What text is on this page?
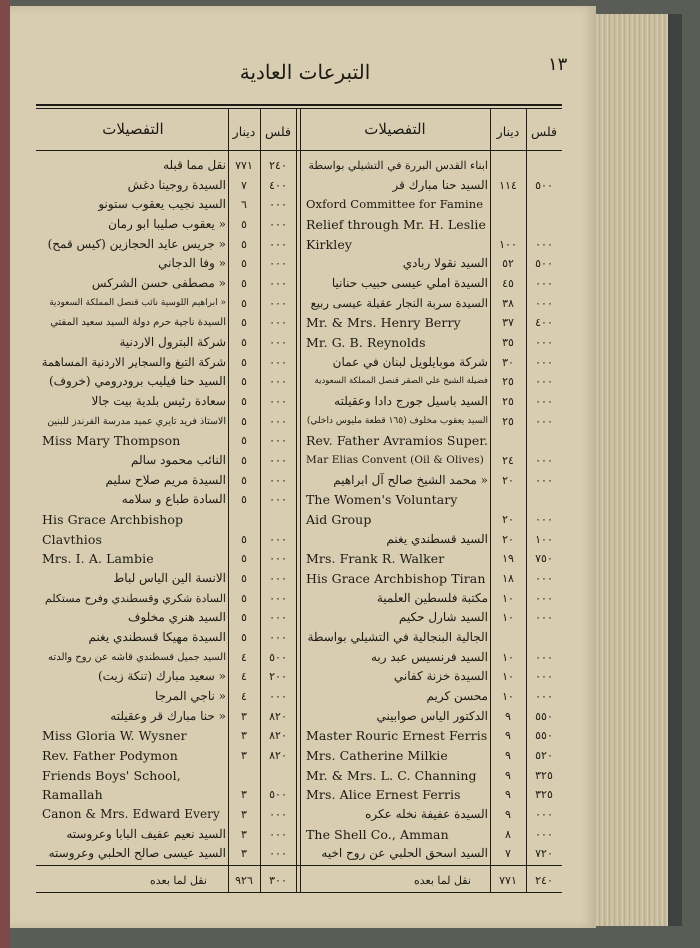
١٣
التبرعات العادية
التفصيلات	دينار فلس	التفصيلات	دينار فلس
نقل مما قبله ٧٧١	٢٤٠
السيدة روجينا دغش	٧	٤٠٠
السيد نجيب يعقوب ستونو	٦	٠٠٠
« يعقوب صليبا ابو رمان	٥	٠٠٠
« جريس عايد الحجازين (كيس قمح)	٥	٠٠٠
« وفا الدجاني	٥	٠٠٠
« مصطفى حسن الشركس	٥	٠٠٠
« ابراهيم اللوسية نائب قنصل المملكة السعودية	٥	٠٠٠
السيدة ناجية حرم دولة السيد سعيد المفتي	٥	٠٠٠
شركة البترول الاردنية	٥	٠٠٠
شركة التبغ والسجاير الاردنية المساهمة	٥	٠٠٠
السيد حنا فيليب برودرومي (خروف)	٥	٠٠٠
سعادة رئيس بلدية بيت جالا	٥	٠٠٠
الاستاذ فريد تايري عميد مدرسة الفرندز للبنين	٥	٠٠٠
Miss Mary Thompson	٥	٠٠٠
النائب محمود سالم	٥	٠٠٠
السيدة مريم صلاح سليم	٥	٠٠٠
السادة طباع و سلامه	٥	٠٠٠
His Grace Archbishop
Clavthios	٥	٠٠٠
Mrs. I. A. Lambie	٥	٠٠٠
الانسة الين الياس لباط	٥	٠٠٠
السادة شكري وقسطندي وفرح مستكلم	٥	٠٠٠
السيد هنري مخلوف	٥	٠٠٠
السيدة مهيكا قسطندي يغنم	٥	٠٠٠
السيد جميل قسطندي قاشه عن روح والدته	٤	٥٠٠
« سعيد مبارك (تنكة زيت)	٤	٢٠٠
« ناجي المرجا	٤	٠٠٠
« حنا مبارك قر وعقيلته	٣	٨٢٠
Miss Gloria W. Wysner	٣	٨٢٠
Rev. Father Podymon	٣	٨٢٠
Friends Boys' School,
Ramallah	٣	٥٠٠
Canon & Mrs. Edward Every	٣	٠٠٠
السيد نعيم عفيف البابا وعروسته	٣	٠٠٠
السيد عيسى صالح الحلبي وعروسته	٣	٠٠٠
ابناء القدس البررة في التشيلي بواسطة
السيد حنا مبارك قر	١١٤	٥٠٠
Oxford Committee for Famine
Relief through Mr. H. Leslie
Kirkley	١٠٠	٠٠٠
السيد نقولا ربادي	٥٢	٥٠٠
السيدة املي عيسى حبيب حنانيا	٤٥	٠٠٠
السيدة سربة النجار عقيلة عيسى ربيع	٣٨	٠٠٠
Mr. & Mrs. Henry Berry	٣٧	٤٠٠
Mr. G. B. Reynolds	٣٥	٠٠٠
شركة موبايلويل لبنان في عمان	٣٠	٠٠٠
فضيلة الشيخ علي الصقر قنصل المملكة السعودية	٢٥	٠٠٠
السيد باسيل جورج دادا وعقيلته	٢٥	٠٠٠
السيد يعقوب مخلوف (١٦٥ قطعة مليوس داخلي)	٢٥	٠٠٠
Rev. Father Avramios Super.
Mar Elias Convent (Oil & Olives)	٢٤	٠٠٠
« محمد الشيخ صالح آل ابراهيم	٢٠	٠٠٠
The Women's Voluntary
Aid Group	٢٠	٠٠٠
السيد قسطندي يغنم	٢٠	١٠٠
Mrs. Frank R. Walker	١٩	٧٥٠
His Grace Archbishop Tiran	١٨	٠٠٠
مكتبة فلسطين العلمية	١٠	٠٠٠
السيد شارل حكيم	١٠	٠٠٠
الجالية البنجالية في التشيلي بواسطة
السيد فرنسيس عبد ربه	١٠	٠٠٠
السيدة خزنة كفاني	١٠	٠٠٠
محسن كريم	١٠	٠٠٠
الدكتور الياس صوابيني	٩	٥٥٠
Master Rouric Ernest Ferris	٩	٥٥٠
Mrs. Catherine Milkie	٩	٥٢٠
Mr. & Mrs. L. C. Channing	٩	٣٢٥
Mrs. Alice Ernest Ferris	٩	٣٢٥
السيدة عفيفة نخله عكره	٩	٠٠٠
The Shell Co., Amman	٨	٠٠٠
السيد اسحق الحلبي عن روح اخيه	٧	٧٢٠
نقل لما بعده	٩٢٦	٣٠٠	نقل لما بعده	٧٧١	٢٤٠
